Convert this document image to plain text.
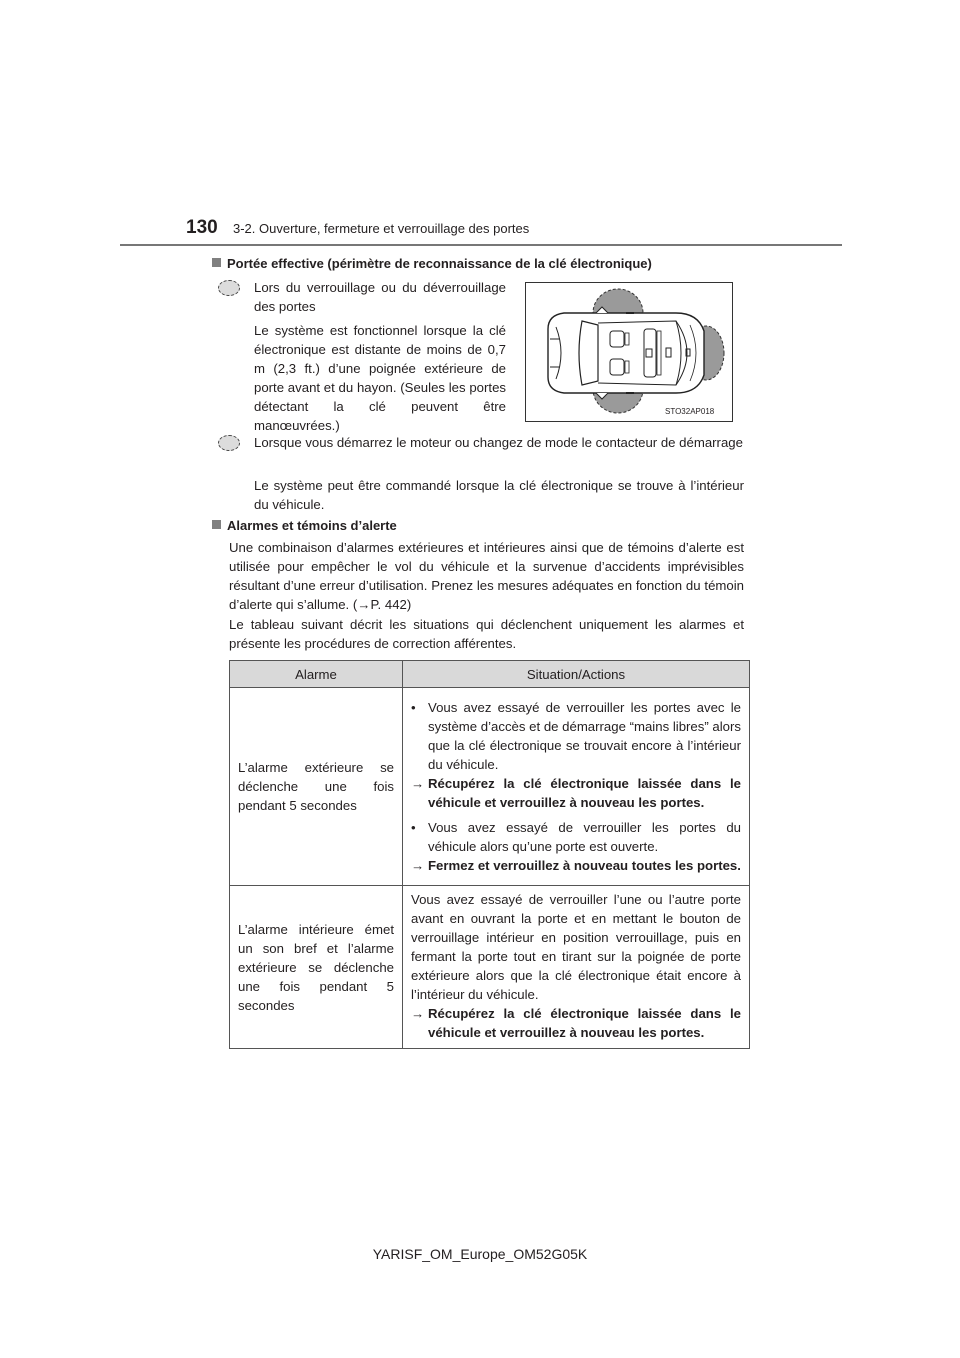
130 3-2. Ouverture, fermeture et verrouillage des portes
Portée effective (périmètre de reconnaissance de la clé électronique)
Lors du verrouillage ou du déverrouillage des portes
Le système est fonctionnel lorsque la clé électronique est distante de moins de 0,7 m (2,3 ft.) d’une poignée extérieure de porte avant et du hayon. (Seules les portes détectant la clé peuvent être manœuvrées.)
STO32AP018
Lorsque vous démarrez le moteur ou changez de mode le contacteur de démarrage
Le système peut être commandé lorsque la clé électronique se trouve à l’intérieur du véhicule.
Alarmes et témoins d’alerte
Une combinaison d’alarmes extérieures et intérieures ainsi que de témoins d’alerte est utilisée pour empêcher le vol du véhicule et la survenue d’accidents imprévisibles résultant d’une erreur d’utilisation. Prenez les mesures adéquates en fonction du témoin d’alerte qui s’allume. (→P. 442)
Le tableau suivant décrit les situations qui déclenchent uniquement les alarmes et présente les procédures de correction afférentes.
Alarme	Situation/Actions
L’alarme extérieure se déclenche une fois pendant 5 secondes	• Vous avez essayé de verrouiller les portes avec le système d’accès et de démarrage “mains libres” alors que la clé électronique se trouvait encore à l’intérieur du véhicule.
→ Récupérez la clé électronique laissée dans le véhicule et verrouillez à nouveau les portes.
• Vous avez essayé de verrouiller les portes du véhicule alors qu’une porte est ouverte.
→ Fermez et verrouillez à nouveau toutes les portes.

L’alarme intérieure émet un son bref et l’alarme extérieure se déclenche une fois pendant 5 secondes	Vous avez essayé de verrouiller l’une ou l’autre porte avant en ouvrant la porte et en mettant le bouton de verrouillage intérieur en position verrouillage, puis en fermant la porte tout en tirant sur la poignée de porte extérieure alors que la clé électronique était encore à l’intérieur du véhicule.
→ Récupérez la clé électronique laissée dans le véhicule et verrouillez à nouveau les portes.
YARISF_OM_Europe_OM52G05K
